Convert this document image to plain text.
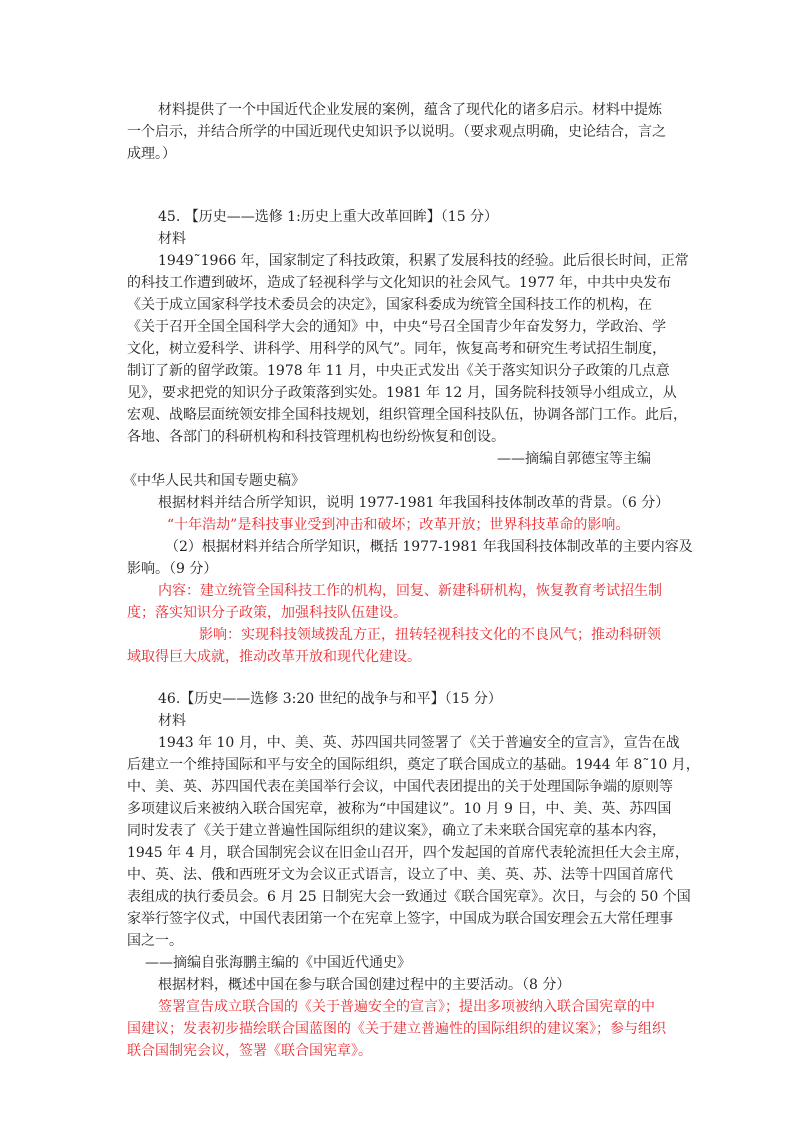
材料提供了一个中国近代企业发展的案例，蕴含了现代化的诸多启示。材料中提炼
一个启示，并结合所学的中国近现代史知识予以说明。（要求观点明确，史论结合，言之
成理。）
45. 【历史——选修 1:历史上重大改革回眸】（15 分）
材料
1949˜1966 年，国家制定了科技政策，积累了发展科技的经验。此后很长时间，正常
的科技工作遭到破坏，造成了轻视科学与文化知识的社会风气。1977 年，中共中央发布
《关于成立国家科学技术委员会的决定》，国家科委成为统管全国科技工作的机构，在
《关于召开全国全国科学大会的通知》中，中央“号召全国青少年奋发努力，学政治、学
文化，树立爱科学、讲科学、用科学的风气”。同年，恢复高考和研究生考试招生制度，
制订了新的留学政策。1978 年 11 月，中央正式发出《关于落实知识分子政策的几点意
见》，要求把党的知识分子政策落到实处。1981 年 12 月，国务院科技领导小组成立，从
宏观、战略层面统领安排全国科技规划，组织管理全国科技队伍，协调各部门工作。此后，
各地、各部门的科研机构和科技管理机构也纷纷恢复和创设。
——摘编自郭德宝等主编
《中华人民共和国专题史稿》
根据材料并结合所学知识，说明 1977-1981 年我国科技体制改革的背景。（6 分）
“十年浩劫”是科技事业受到冲击和破坏；改革开放；世界科技革命的影响。
（2）根据材料并结合所学知识，概括 1977-1981 年我国科技体制改革的主要内容及
影响。（9 分）
内容：建立统管全国科技工作的机构，回复、新建科研机构，恢复教育考试招生制
度；落实知识分子政策，加强科技队伍建设。
影响：实现科技领域拨乱方正，扭转轻视科技文化的不良风气；推动科研领
域取得巨大成就，推动改革开放和现代化建设。
46.【历史——选修 3:20 世纪的战争与和平】（15 分）
材料
1943 年 10 月，中、美、英、苏四国共同签署了《关于普遍安全的宣言》，宣告在战
后建立一个维持国际和平与安全的国际组织，奠定了联合国成立的基础。1944 年 8˜10 月，
中、美、英、苏四国代表在美国举行会议，中国代表团提出的关于处理国际争端的原则等
多项建议后来被纳入联合国宪章，被称为“中国建议”。10 月 9 日，中、美、英、苏四国
同时发表了《关于建立普遍性国际组织的建议案》，确立了未来联合国宪章的基本内容，
1945 年 4 月，联合国制宪会议在旧金山召开，四个发起国的首席代表轮流担任大会主席，
中、英、法、俄和西班牙文为会议正式语言，设立了中、美、英、苏、法等十四国首席代
表组成的执行委员会。6 月 25 日制宪大会一致通过《联合国宪章》。次日，与会的 50 个国
家举行签字仪式，中国代表团第一个在宪章上签字，中国成为联合国安理会五大常任理事
国之一。
——摘编自张海鹏主编的《中国近代通史》
根据材料，概述中国在参与联合国创建过程中的主要活动。（8 分）
签署宣告成立联合国的《关于普遍安全的宣言》；提出多项被纳入联合国宪章的中
国建议；发表初步描绘联合国蓝图的《关于建立普遍性的国际组织的建议案》；参与组织
联合国制宪会议，签署《联合国宪章》。
